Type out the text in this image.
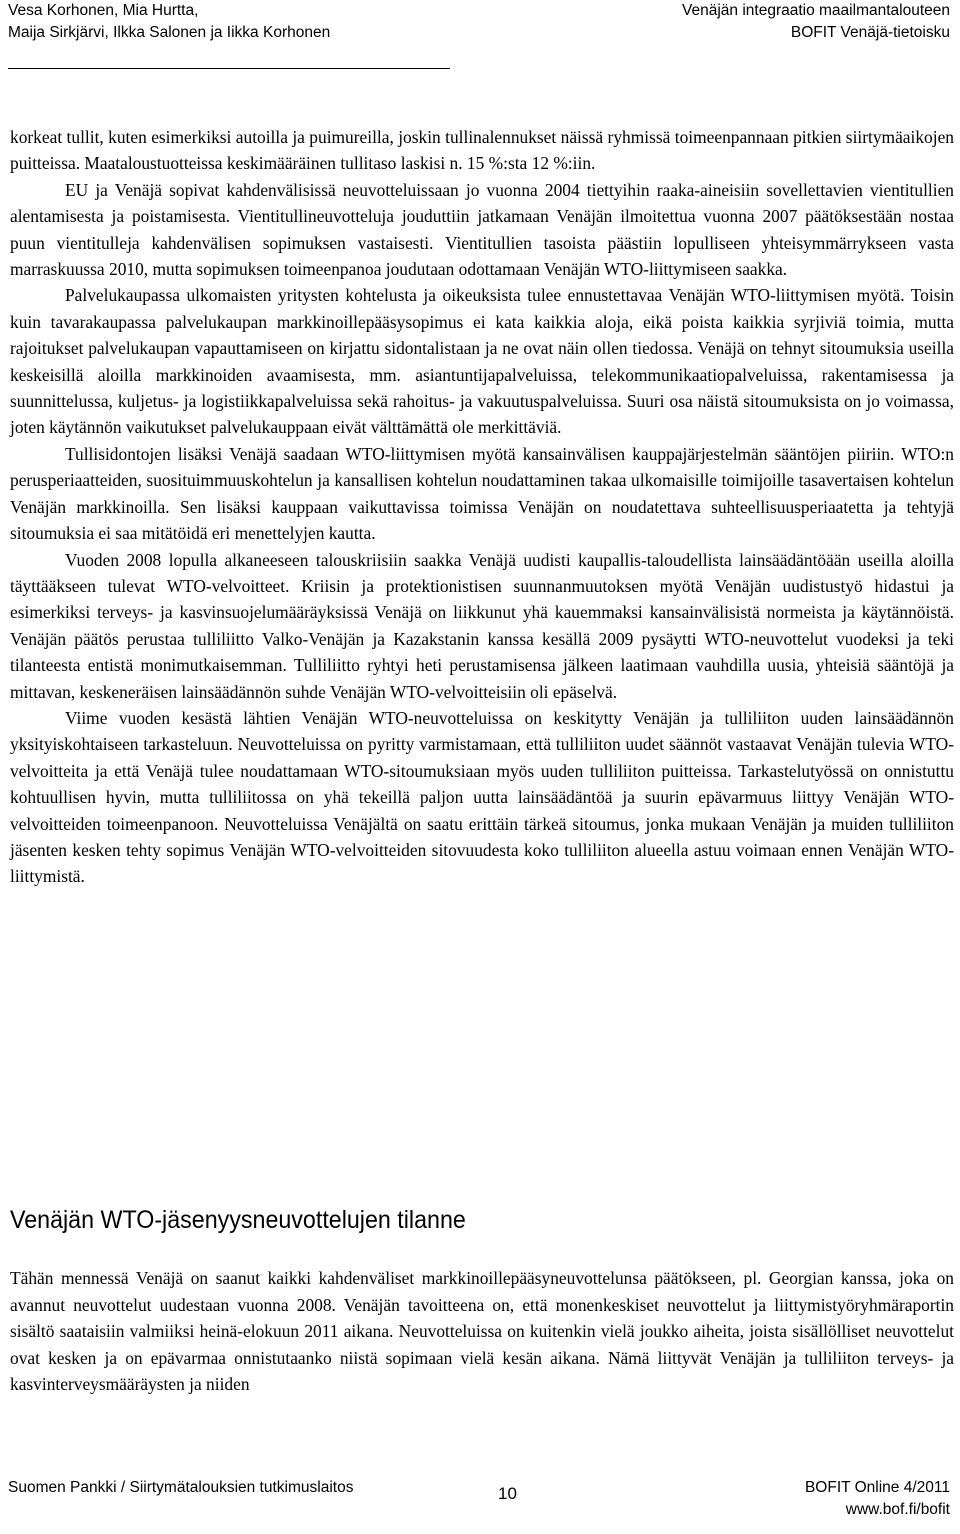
Vesa Korhonen, Mia Hurtta,
Maija Sirkjärvi, Ilkka Salonen ja Iikka Korhonen
Venäjän integraatio maailmantalouteen
BOFIT Venäjä-tietoisku

korkeat tullit, kuten esimerkiksi autoilla ja puimureilla, joskin tullinalennukset näissä ryhmissä toimeenpannaan pitkien siirtymäaikojen puitteissa. Maataloustuotteissa keskimääräinen tullitaso laskisi n. 15 %:sta 12 %:iin.

EU ja Venäjä sopivat kahdenvälisissä neuvotteluissaan jo vuonna 2004 tiettyihin raaka-aineisiin sovellettavien vientitullien alentamisesta ja poistamisesta. Vientitullineuvotteluja jouduttiin jatkamaan Venäjän ilmoitettua vuonna 2007 päätöksestään nostaa puun vientitulleja kahdenvälisen sopimuksen vastaisesti. Vientitullien tasoista päästiin lopulliseen yhteisymmärrykseen vasta marraskuussa 2010, mutta sopimuksen toimeenpanoa joudutaan odottamaan Venäjän WTO-liittymiseen saakka.

Palvelukaupassa ulkomaisten yritysten kohtelusta ja oikeuksista tulee ennustettavaa Venäjän WTO-liittymisen myötä. Toisin kuin tavarakaupassa palvelukaupan markkinoillepääsysopimus ei kata kaikkia aloja, eikä poista kaikkia syrjiviä toimia, mutta rajoitukset palvelukaupan vapauttamiseen on kirjattu sidontalistaan ja ne ovat näin ollen tiedossa. Venäjä on tehnyt sitoumuksia useilla keskeisillä aloilla markkinoiden avaamisesta, mm. asiantuntijapalveluissa, telekommunikaatiopalveluissa, rakentamisessa ja suunnittelussa, kuljetus- ja logistiikkapalveluissa sekä rahoitus- ja vakuutuspalveluissa. Suuri osa näistä sitoumuksista on jo voimassa, joten käytännön vaikutukset palvelukauppaan eivät välttämättä ole merkittäviä.

Tullisidontojen lisäksi Venäjä saadaan WTO-liittymisen myötä kansainvälisen kauppajärjestelmän sääntöjen piiriin. WTO:n perusperiaatteiden, suosituimmuuskohtelun ja kansallisen kohtelun noudattaminen takaa ulkomaisille toimijoille tasavertaisen kohtelun Venäjän markkinoilla. Sen lisäksi kauppaan vaikuttavissa toimissa Venäjän on noudatettava suhteellisuusperiaatetta ja tehtyjä sitoumuksia ei saa mitätöidä eri menettelyjen kautta.

Vuoden 2008 lopulla alkaneeseen talouskriisiin saakka Venäjä uudisti kaupallis-taloudellista lainsäädäntöään useilla aloilla täyttääkseen tulevat WTO-velvoitteet. Kriisin ja protektionistisen suunnanmuutoksen myötä Venäjän uudistustyö hidastui ja esimerkiksi terveys- ja kasvinsuojelumääräyksissä Venäjä on liikkunut yhä kauemmaksi kansainvälisistä normeista ja käytännöistä. Venäjän päätös perustaa tulliliitto Valko-Venäjän ja Kazakstanin kanssa kesällä 2009 pysäytti WTO-neuvottelut vuodeksi ja teki tilanteesta entistä monimutkaisemman. Tulliliitto ryhtyi heti perustamisensa jälkeen laatimaan vauhdilla uusia, yhteisiä sääntöjä ja mittavan, keskeneräisen lainsäädännön suhde Venäjän WTO-velvoitteisiin oli epäselvä.

Viime vuoden kesästä lähtien Venäjän WTO-neuvotteluissa on keskitytty Venäjän ja tulliliiton uuden lainsäädännön yksityiskohtaiseen tarkasteluun. Neuvotteluissa on pyritty varmistamaan, että tulliliiton uudet säännöt vastaavat Venäjän tulevia WTO-velvoitteita ja että Venäjä tulee noudattamaan WTO-sitoumuksiaan myös uuden tulliliiton puitteissa. Tarkastelutyössä on onnistuttu kohtuullisen hyvin, mutta tulliliitossa on yhä tekeillä paljon uutta lainsäädäntöä ja suurin epävarmuus liittyy Venäjän WTO-velvoitteiden toimeenpanoon. Neuvotteluissa Venäjältä on saatu erittäin tärkeä sitoumus, jonka mukaan Venäjän ja muiden tulliliiton jäsenten kesken tehty sopimus Venäjän WTO-velvoitteiden sitovuudesta koko tulliliiton alueella astuu voimaan ennen Venäjän WTO-liittymistä.

Venäjän WTO-jäsenyysneuvottelujen tilanne

Tähän mennessä Venäjä on saanut kaikki kahdenväliset markkinoillepääsyneuvottelunsa päätökseen, pl. Georgian kanssa, joka on avannut neuvottelut uudestaan vuonna 2008. Venäjän tavoitteena on, että monenkeskiset neuvottelut ja liittymistyöryhmäraportin sisältö saataisiin valmiiksi heinä-elokuun 2011 aikana. Neuvotteluissa on kuitenkin vielä joukko aiheita, joista sisällölliset neuvottelut ovat kesken ja on epävarmaa onnistutaanko niistä sopimaan vielä kesän aikana. Nämä liittyvät Venäjän ja tulliliiton terveys- ja kasvinterveysmääräysten ja niiden

Suomen Pankki / Siirtymätalouksien tutkimuslaitos	10	BOFIT Online 4/2011
www.bof.fi/bofit
